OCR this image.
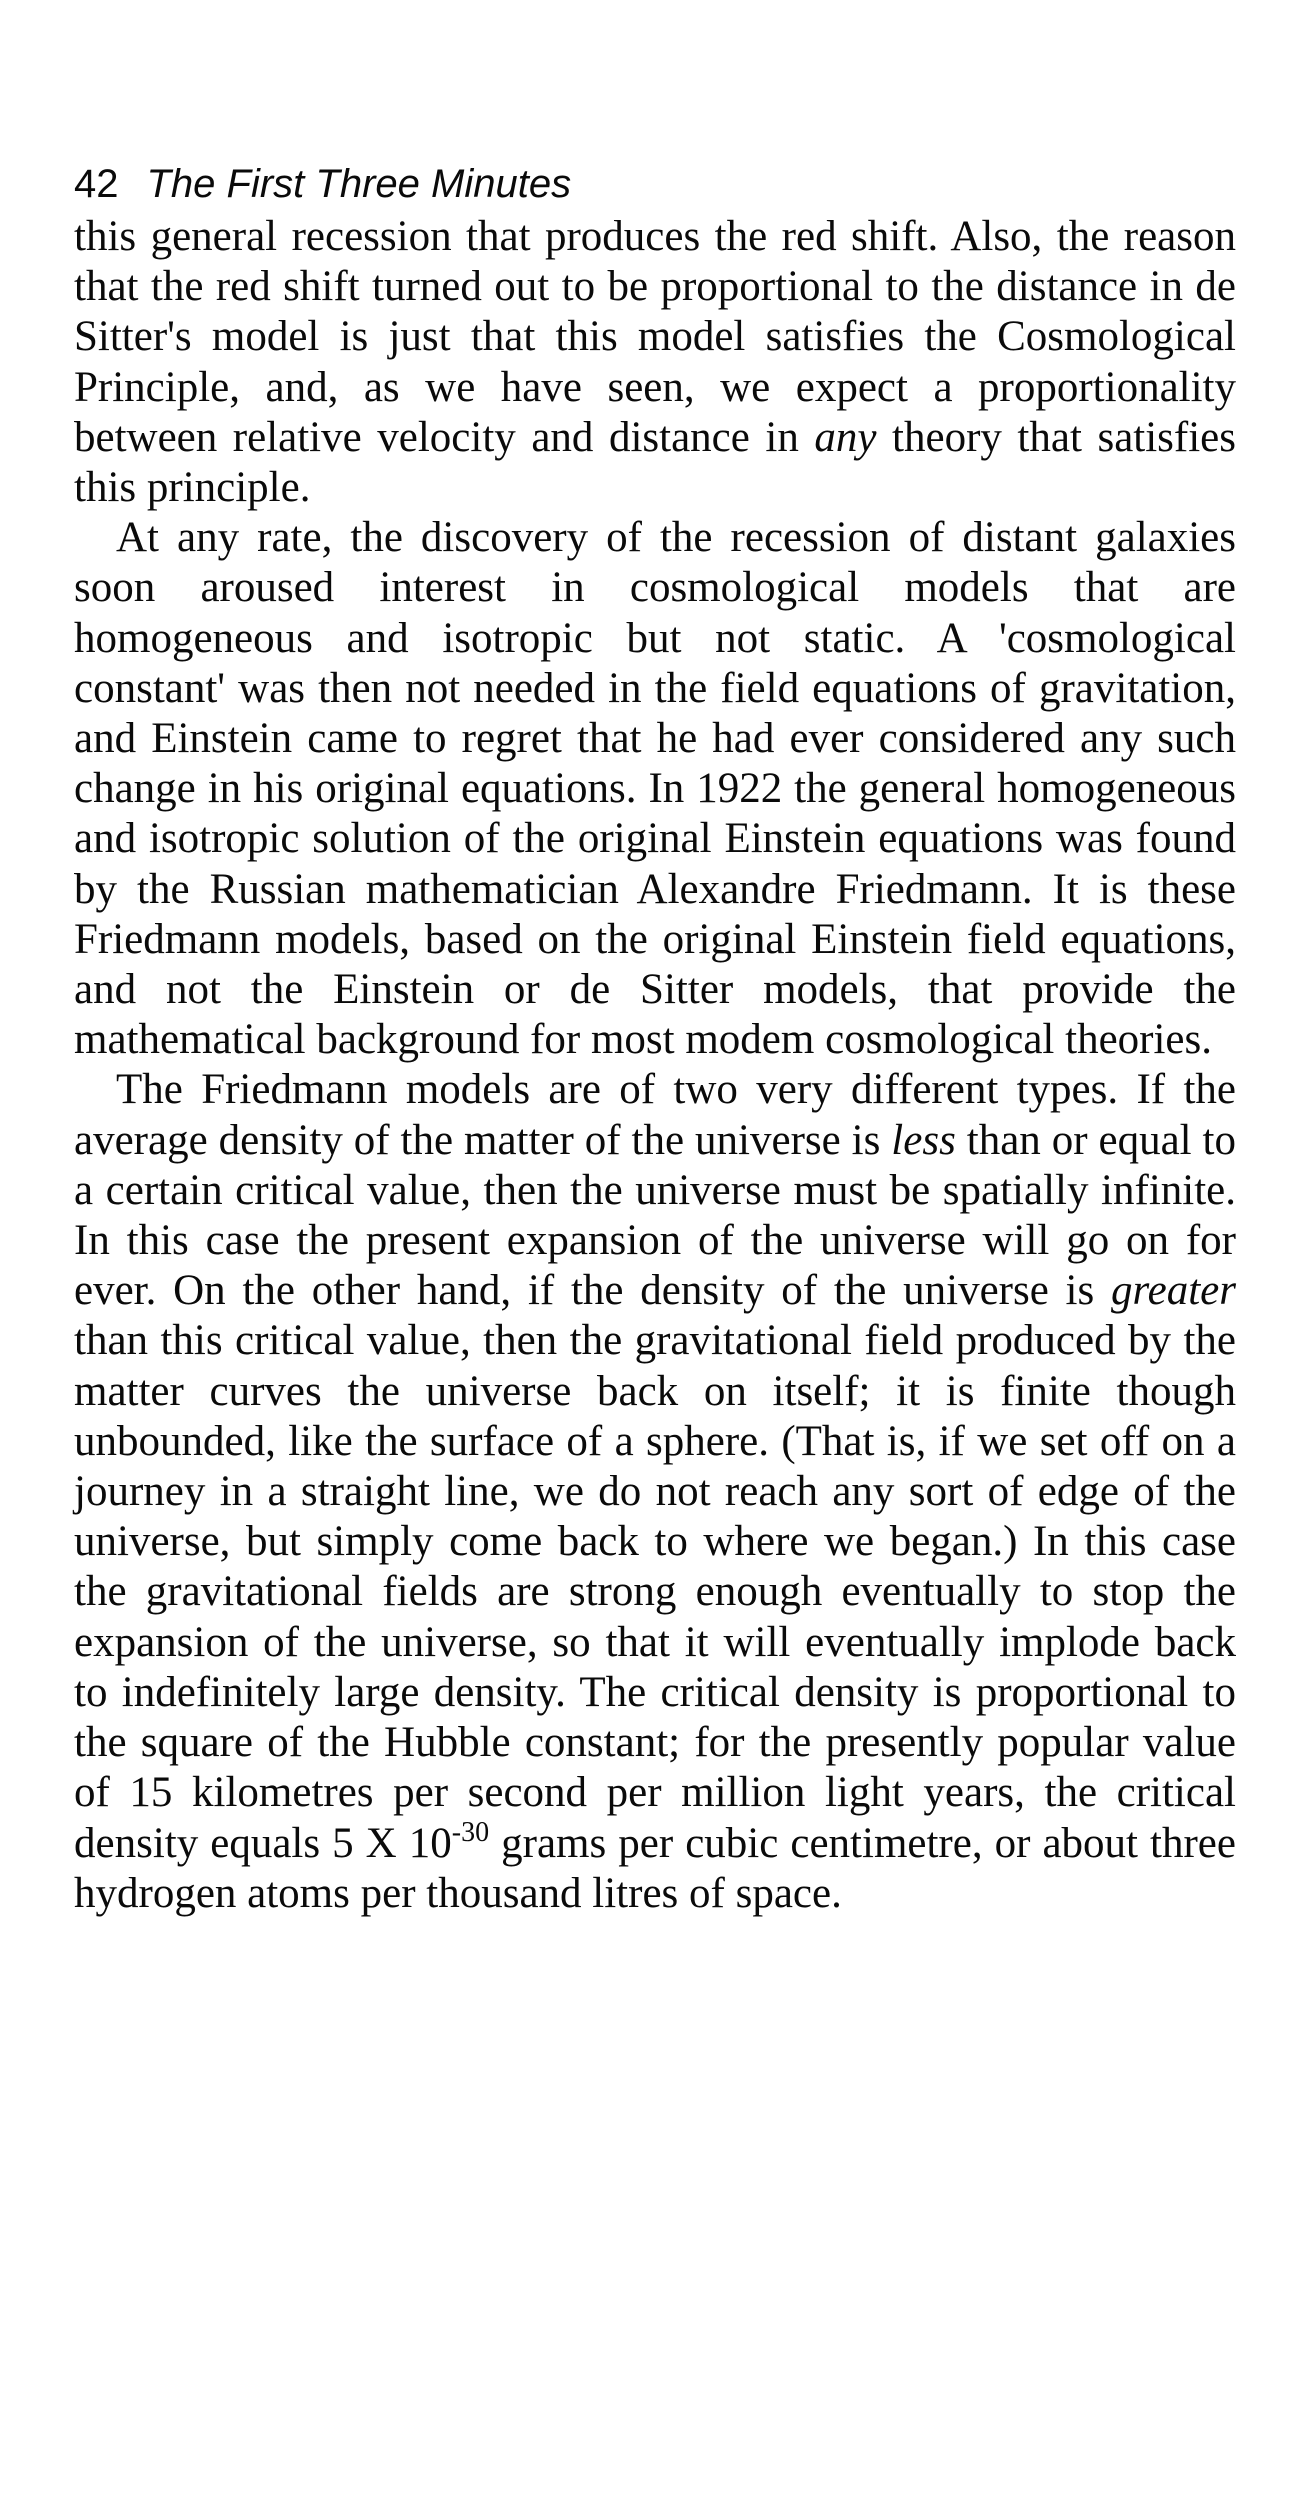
42 The First Three Minutes

this general recession that produces the red shift. Also, the reason that the red shift turned out to be proportional to the distance in de Sitter's model is just that this model satisfies the Cosmological Principle, and, as we have seen, we expect a proportionality between relative velocity and distance in any theory that satisfies this principle.

At any rate, the discovery of the recession of distant galaxies soon aroused interest in cosmological models that are homogeneous and isotropic but not static. A 'cosmological constant' was then not needed in the field equations of gravitation, and Einstein came to regret that he had ever considered any such change in his original equations. In 1922 the general homogeneous and isotropic solution of the original Einstein equations was found by the Russian mathematician Alexandre Friedmann. It is these Friedmann models, based on the original Einstein field equations, and not the Einstein or de Sitter models, that provide the mathematical background for most modem cosmological theories.

The Friedmann models are of two very different types. If the average density of the matter of the universe is less than or equal to a certain critical value, then the universe must be spatially infinite. In this case the present expansion of the universe will go on for ever. On the other hand, if the density of the universe is greater than this critical value, then the gravitational field produced by the matter curves the universe back on itself; it is finite though unbounded, like the surface of a sphere. (That is, if we set off on a journey in a straight line, we do not reach any sort of edge of the universe, but simply come back to where we began.) In this case the gravitational fields are strong enough eventually to stop the expansion of the universe, so that it will eventually implode back to indefinitely large density. The critical density is proportional to the square of the Hubble constant; for the presently popular value of 15 kilometres per second per million light years, the critical density equals 5 X $10^{-30}$ grams per cubic centimetre, or about three hydrogen atoms per thousand litres of space.
